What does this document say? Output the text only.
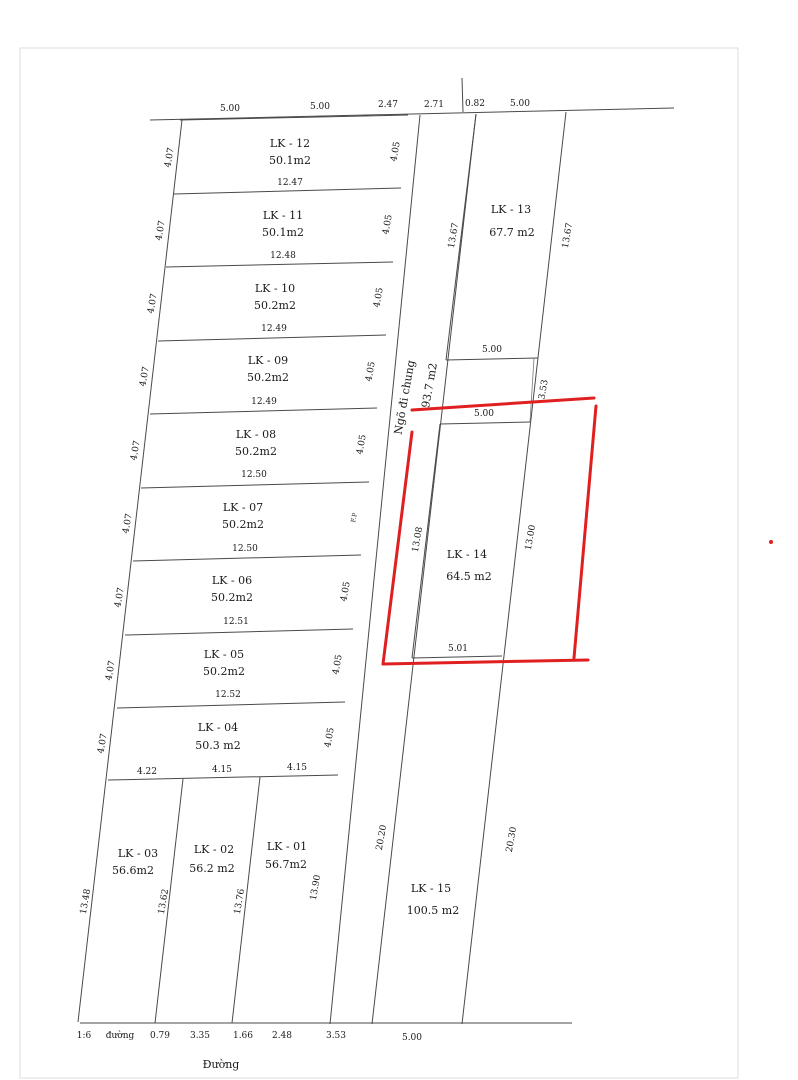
5.00	5.00	2.47	2.71 0.82	5.00
LK - 12
50.1m2
12.47
LK - 11
50.1m2
12.48
LK - 10
50.2m2
12.49
LK - 09
50.2m2
12.49
LK - 08
50.2m2
12.50
LK - 07
50.2m2
12.50
LK - 06
50.2m2
12.51
LK - 05
50.2m2
12.52
LK - 04
50.3 m2
4.22	4.15	4.15
4.07
4.07
4.07
4.07
4.07
4.07
4.07
4.07
4.07
4.05
4.05
4.05
4.05
4.05
F.P
4.05
4.05
4.05
LK - 03
56.6m2
LK - 02
56.2 m2
LK - 01
56.7m2
13.48	13.62	13.76
13.90
LK - 13
67.7 m2
13.67	13.67
5.00
3.53
5.00
LK - 14
64.5 m2
13.08	13.00
5.01
LK - 15
100.5 m2
20.20	20.30
Ngõ đi chung 93.7 m2
1:6 đường 0.79 3.35	1.66 2.48	3.53	5.00
Đường
